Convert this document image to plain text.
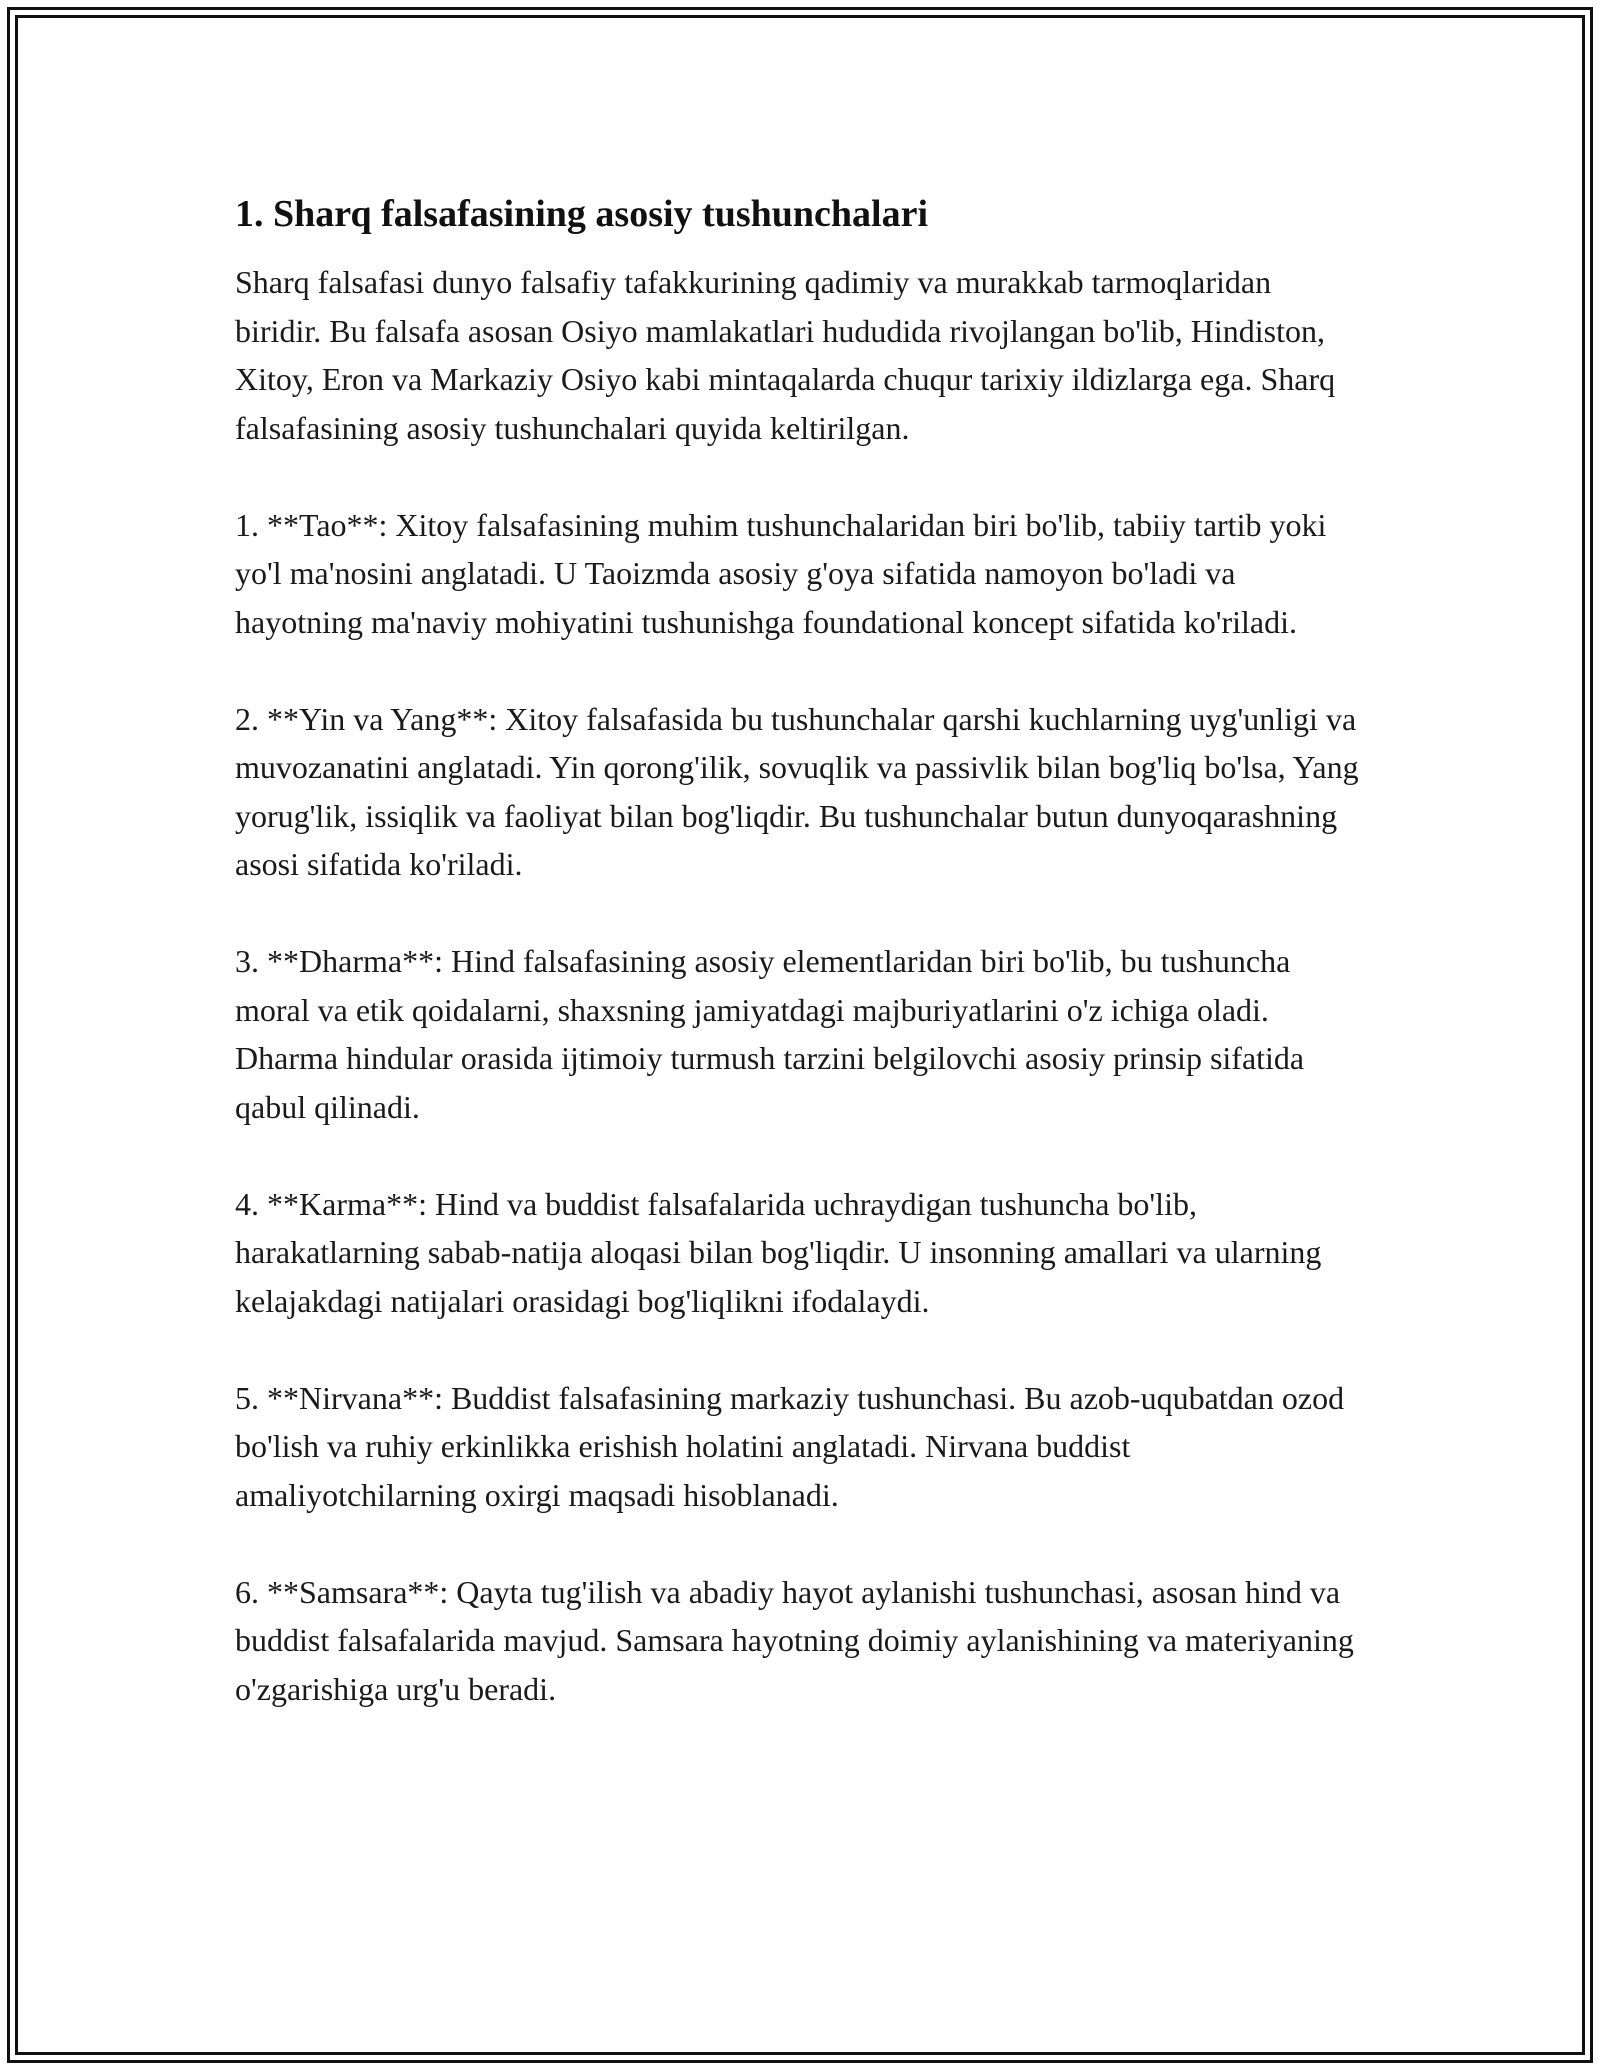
1. Sharq falsafasining asosiy tushunchalari

Sharq falsafasi dunyo falsafiy tafakkurining qadimiy va murakkab tarmoqlaridan biridir. Bu falsafa asosan Osiyo mamlakatlari hududida rivojlangan bo'lib, Hindiston, Xitoy, Eron va Markaziy Osiyo kabi mintaqalarda chuqur tarixiy ildizlarga ega. Sharq falsafasining asosiy tushunchalari quyida keltirilgan.

1. **Tao**: Xitoy falsafasining muhim tushunchalaridan biri bo'lib, tabiiy tartib yoki yo'l ma'nosini anglatadi. U Taoizmda asosiy g'oya sifatida namoyon bo'ladi va hayotning ma'naviy mohiyatini tushunishga foundational koncept sifatida ko'riladi.

2. **Yin va Yang**: Xitoy falsafasida bu tushunchalar qarshi kuchlarning uyg'unligi va muvozanatini anglatadi. Yin qorong'ilik, sovuqlik va passivlik bilan bog'liq bo'lsa, Yang yorug'lik, issiqlik va faoliyat bilan bog'liqdir. Bu tushunchalar butun dunyoqarashning asosi sifatida ko'riladi.

3. **Dharma**: Hind falsafasining asosiy elementlaridan biri bo'lib, bu tushuncha moral va etik qoidalarni, shaxsning jamiyatdagi majburiyatlarini o'z ichiga oladi. Dharma hindular orasida ijtimoiy turmush tarzini belgilovchi asosiy prinsip sifatida qabul qilinadi.

4. **Karma**: Hind va buddist falsafalarida uchraydigan tushuncha bo'lib, harakatlarning sabab-natija aloqasi bilan bog'liqdir. U insonning amallari va ularning kelajakdagi natijalari orasidagi bog'liqlikni ifodalaydi.

5. **Nirvana**: Buddist falsafasining markaziy tushunchasi. Bu azob-uqubatdan ozod bo'lish va ruhiy erkinlikka erishish holatini anglatadi. Nirvana buddist amaliyotchilarning oxirgi maqsadi hisoblanadi.

6. **Samsara**: Qayta tug'ilish va abadiy hayot aylanishi tushunchasi, asosan hind va buddist falsafalarida mavjud. Samsara hayotning doimiy aylanishining va materiyaning o'zgarishiga urg'u beradi.
